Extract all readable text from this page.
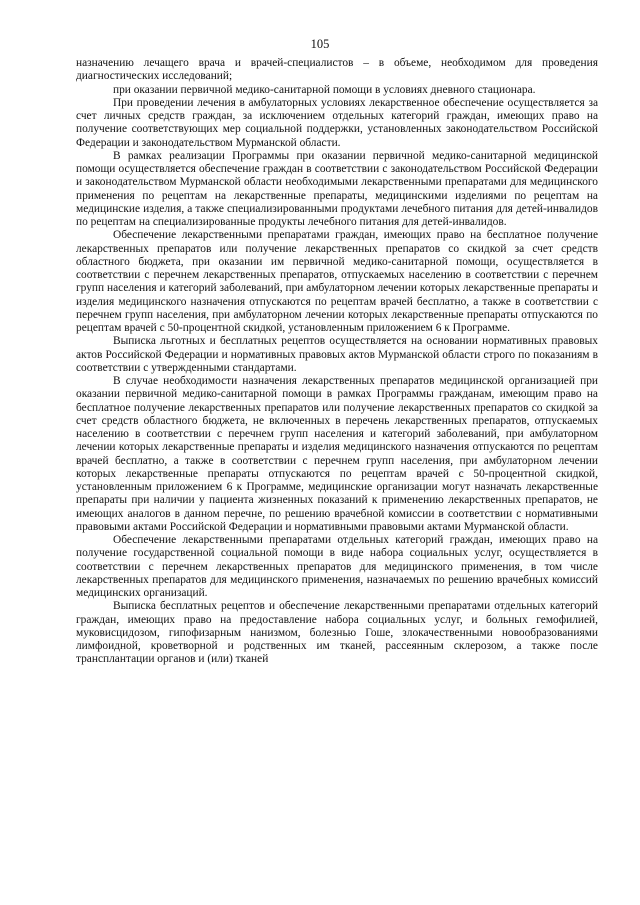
105

назначению лечащего врача и врачей-специалистов – в объеме, необходимом для проведения диагностических исследований;

при оказании первичной медико-санитарной помощи в условиях дневного стационара.

При проведении лечения в амбулаторных условиях лекарственное обеспечение осуществляется за счет личных средств граждан, за исключением отдельных категорий граждан, имеющих право на получение соответствующих мер социальной поддержки, установленных законодательством Российской Федерации и законодательством Мурманской области.

В рамках реализации Программы при оказании первичной медико-санитарной медицинской помощи осуществляется обеспечение граждан в соответствии с законодательством Российской Федерации и законодательством Мурманской области необходимыми лекарственными препаратами для медицинского применения по рецептам на лекарственные препараты, медицинскими изделиями по рецептам на медицинские изделия, а также специализированными продуктами лечебного питания для детей-инвалидов по рецептам на специализированные продукты лечебного питания для детей-инвалидов.

Обеспечение лекарственными препаратами граждан, имеющих право на бесплатное получение лекарственных препаратов или получение лекарственных препаратов со скидкой за счет средств областного бюджета, при оказании им первичной медико-санитарной помощи, осуществляется в соответствии с перечнем лекарственных препаратов, отпускаемых населению в соответствии с перечнем групп населения и категорий заболеваний, при амбулаторном лечении которых лекарственные препараты и изделия медицинского назначения отпускаются по рецептам врачей бесплатно, а также в соответствии с перечнем групп населения, при амбулаторном лечении которых лекарственные препараты отпускаются по рецептам врачей с 50-процентной скидкой, установленным приложением 6 к Программе.

Выписка льготных и бесплатных рецептов осуществляется на основании нормативных правовых актов Российской Федерации и нормативных правовых актов Мурманской области строго по показаниям в соответствии с утвержденными стандартами.

В случае необходимости назначения лекарственных препаратов медицинской организацией при оказании первичной медико-санитарной помощи в рамках Программы гражданам, имеющим право на бесплатное получение лекарственных препаратов или получение лекарственных препаратов со скидкой за счет средств областного бюджета, не включенных в перечень лекарственных препаратов, отпускаемых населению в соответствии с перечнем групп населения и категорий заболеваний, при амбулаторном лечении которых лекарственные препараты и изделия медицинского назначения отпускаются по рецептам врачей бесплатно, а также в соответствии с перечнем групп населения, при амбулаторном лечении которых лекарственные препараты отпускаются по рецептам врачей с 50-процентной скидкой, установленным приложением 6 к Программе, медицинские организации могут назначать лекарственные препараты при наличии у пациента жизненных показаний к применению лекарственных препаратов, не имеющих аналогов в данном перечне, по решению врачебной комиссии в соответствии с нормативными правовыми актами Российской Федерации и нормативными правовыми актами Мурманской области.

Обеспечение лекарственными препаратами отдельных категорий граждан, имеющих право на получение государственной социальной помощи в виде набора социальных услуг, осуществляется в соответствии с перечнем лекарственных препаратов для медицинского применения, в том числе лекарственных препаратов для медицинского применения, назначаемых по решению врачебных комиссий медицинских организаций.

Выписка бесплатных рецептов и обеспечение лекарственными препаратами отдельных категорий граждан, имеющих право на предоставление набора социальных услуг, и больных гемофилией, муковисцидозом, гипофизарным нанизмом, болезнью Гоше, злокачественными новообразованиями лимфоидной, кроветворной и родственных им тканей, рассеянным склерозом, а также после трансплантации органов и (или) тканей
